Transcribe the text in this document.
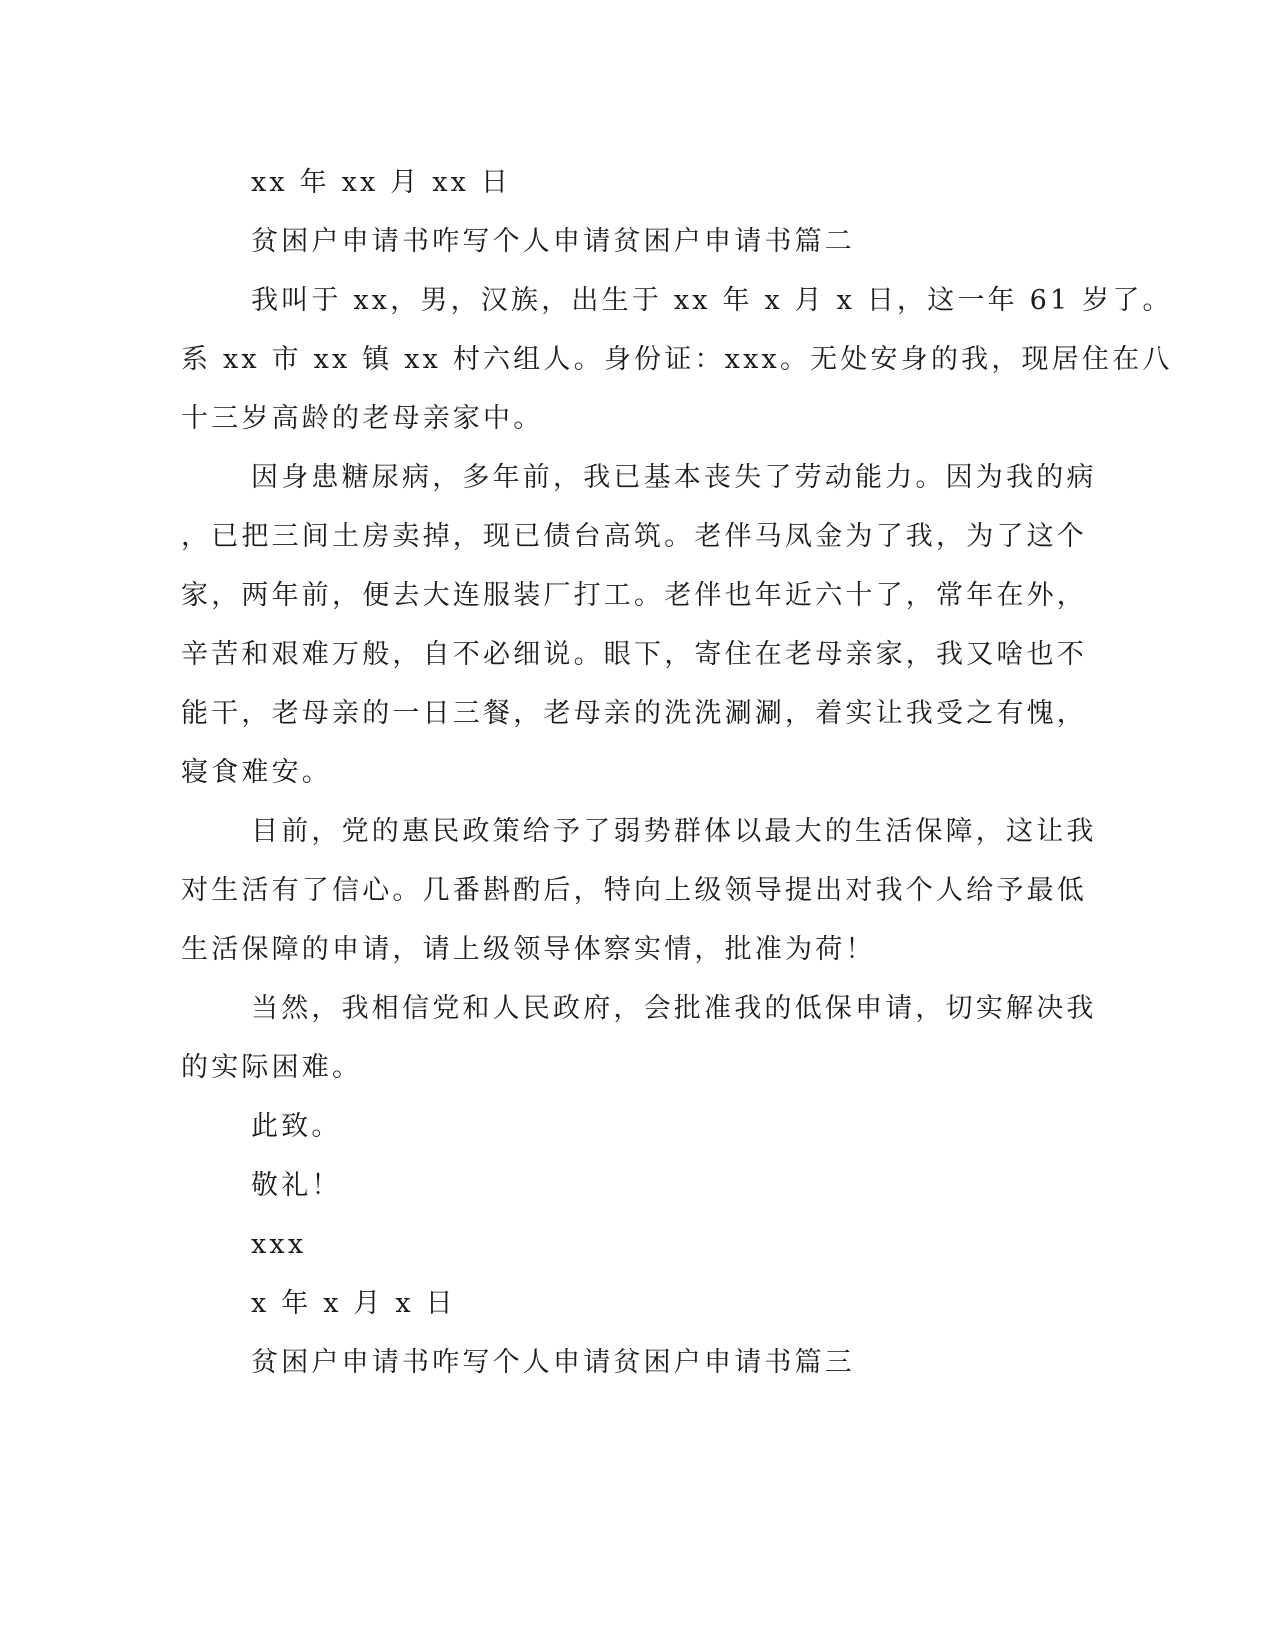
xx 年 xx 月 xx 日

贫困户申请书咋写个人申请贫困户申请书篇二

我叫于 xx，男，汉族，出生于 xx 年 x 月 x 日，这一年 61 岁了。

系 xx 市 xx 镇 xx 村六组人。身份证：xxx。无处安身的我，现居住在八

十三岁高龄的老母亲家中。

因身患糖尿病，多年前，我已基本丧失了劳动能力。因为我的病

，已把三间土房卖掉，现已债台高筑。老伴马凤金为了我，为了这个

家，两年前，便去大连服装厂打工。老伴也年近六十了，常年在外，

辛苦和艰难万般，自不必细说。眼下，寄住在老母亲家，我又啥也不

能干，老母亲的一日三餐，老母亲的洗洗涮涮，着实让我受之有愧，

寝食难安。

目前，党的惠民政策给予了弱势群体以最大的生活保障，这让我

对生活有了信心。几番斟酌后，特向上级领导提出对我个人给予最低

生活保障的申请，请上级领导体察实情，批准为荷！

当然，我相信党和人民政府，会批准我的低保申请，切实解决我

的实际困难。

此致。

敬礼！

xxx

x 年 x 月 x 日

贫困户申请书咋写个人申请贫困户申请书篇三
